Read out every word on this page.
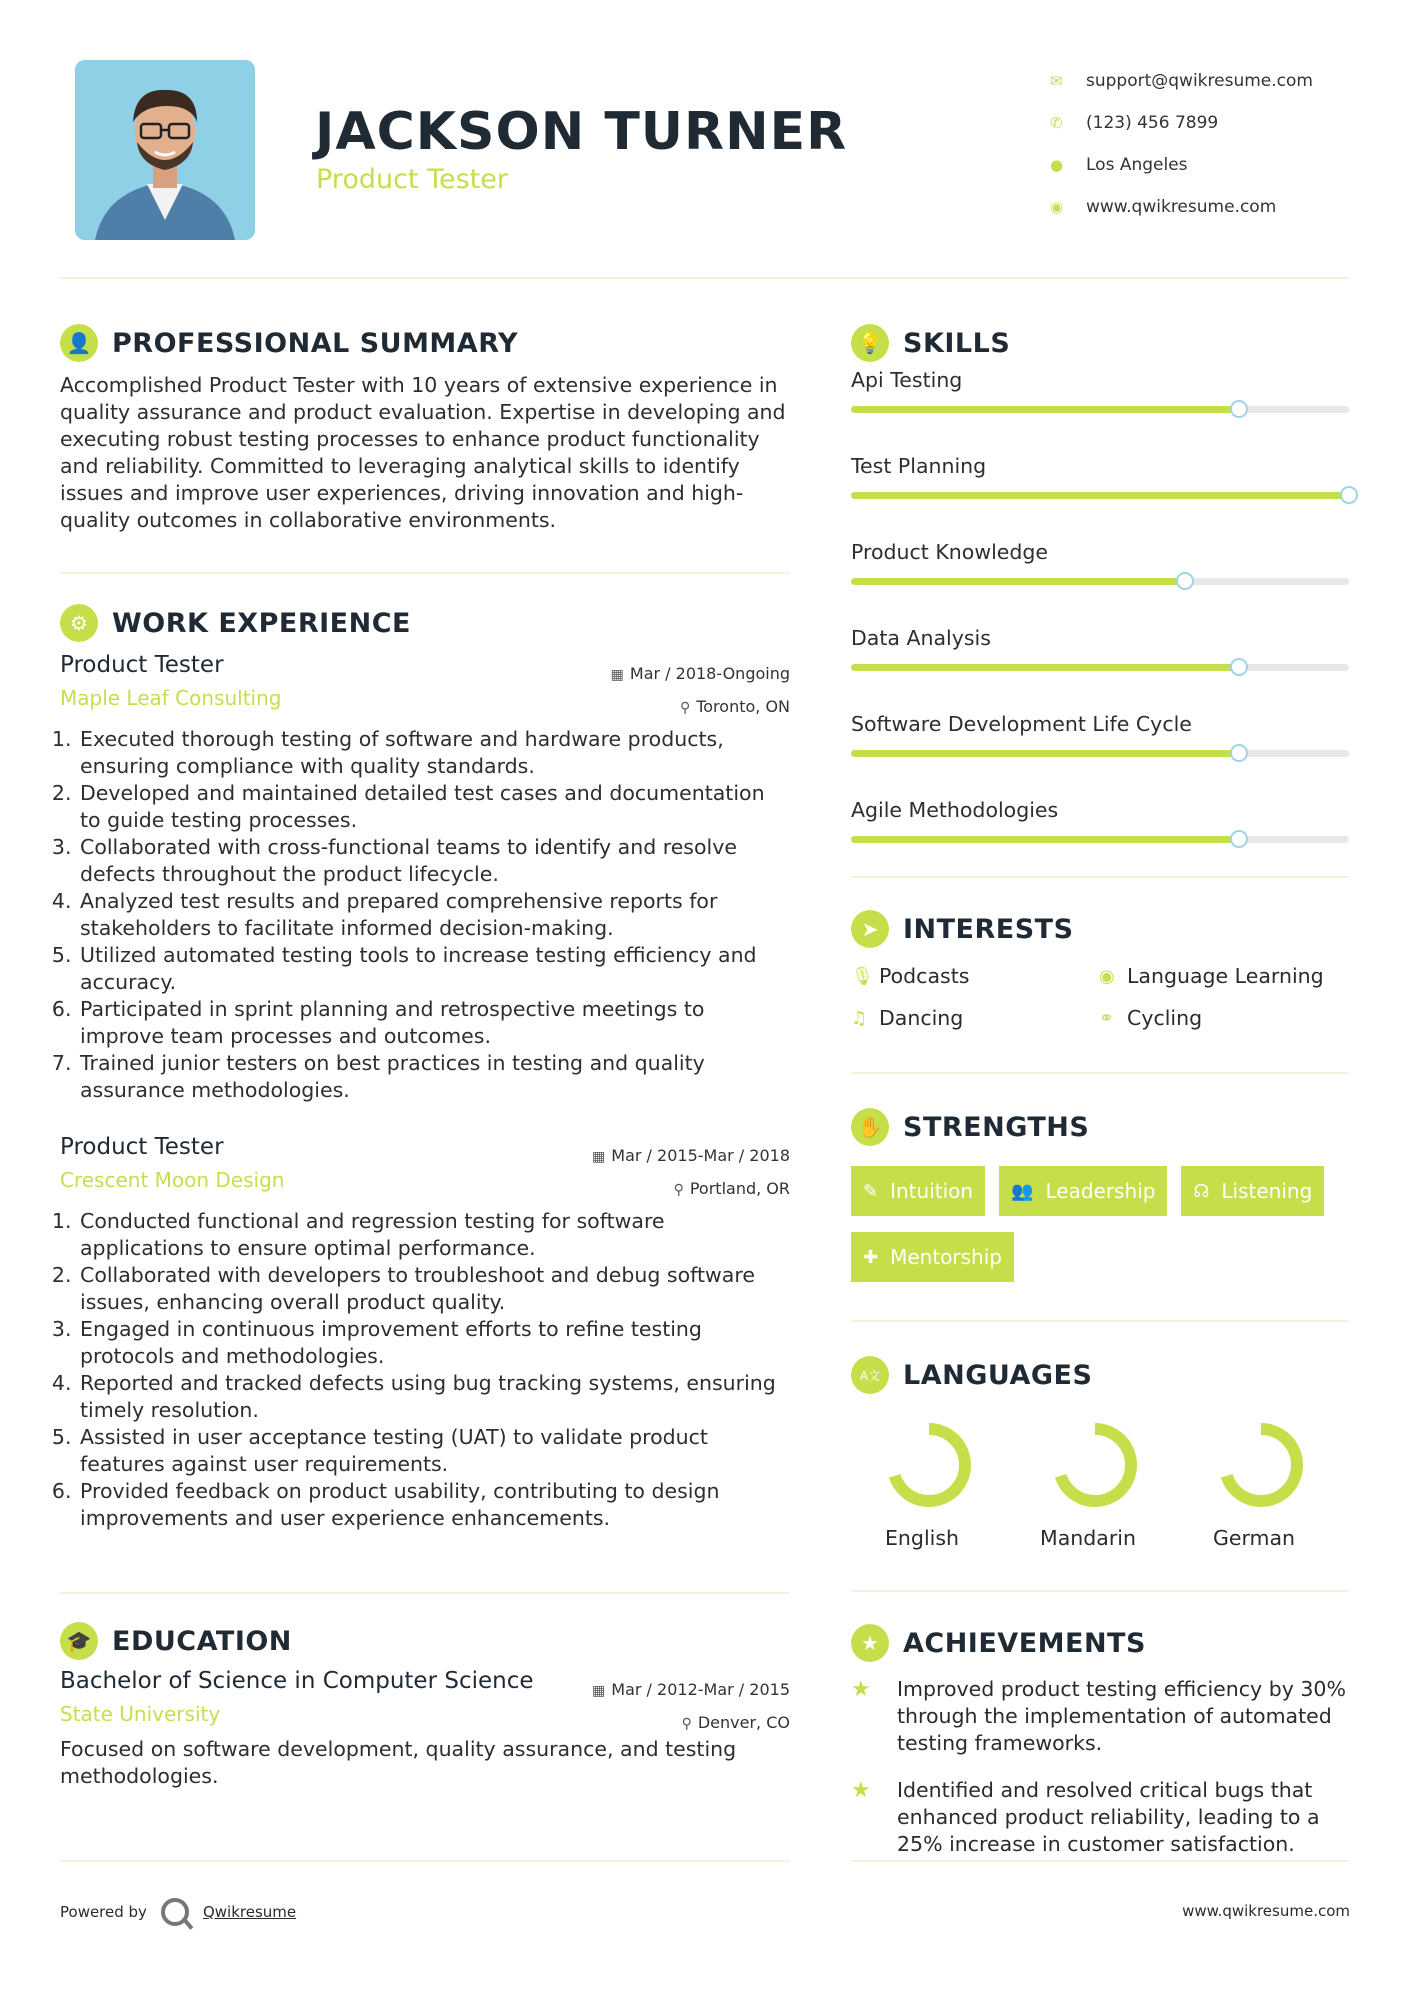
JACKSON TURNER
Product Tester
✉	support@qwikresume.com
✆	(123) 456 7899
●	Los Angeles
◉	www.qwikresume.com
👤 PROFESSIONAL SUMMARY
Accomplished Product Tester with 10 years of extensive experience in quality assurance and product evaluation. Expertise in developing and executing robust testing processes to enhance product functionality and reliability. Committed to leveraging analytical skills to identify issues and improve user experiences, driving innovation and high-quality outcomes in collaborative environments.
⚙ WORK EXPERIENCE
Product Tester
Maple Leaf Consulting
▦ Mar / 2018-Ongoing
⚲ Toronto, ON
1. Executed thorough testing of software and hardware products, ensuring compliance with quality standards.
2. Developed and maintained detailed test cases and documentation to guide testing processes.
3. Collaborated with cross-functional teams to identify and resolve defects throughout the product lifecycle.
4. Analyzed test results and prepared comprehensive reports for stakeholders to facilitate informed decision-making.
5. Utilized automated testing tools to increase testing efficiency and accuracy.
6. Participated in sprint planning and retrospective meetings to improve team processes and outcomes.
7. Trained junior testers on best practices in testing and quality assurance methodologies.
Product Tester
Crescent Moon Design
▦ Mar / 2015-Mar / 2018
⚲ Portland, OR
1. Conducted functional and regression testing for software applications to ensure optimal performance.
2. Collaborated with developers to troubleshoot and debug software issues, enhancing overall product quality.
3. Engaged in continuous improvement efforts to refine testing protocols and methodologies.
4. Reported and tracked defects using bug tracking systems, ensuring timely resolution.
5. Assisted in user acceptance testing (UAT) to validate product features against user requirements.
6. Provided feedback on product usability, contributing to design improvements and user experience enhancements.
🎓 EDUCATION
Bachelor of Science in Computer Science
State University
▦ Mar / 2012-Mar / 2015
⚲ Denver, CO
Focused on software development, quality assurance, and testing methodologies.
💡 SKILLS
Api Testing
Test Planning
Product Knowledge
Data Analysis
Software Development Life Cycle
Agile Methodologies
➤ INTERESTS
🎙 Podcasts	◉ Language Learning
♫ Dancing	⚭ Cycling
✋ STRENGTHS
✎ Intuition 👥 Leadership ☊ Listening
✚ Mentorship
A文 LANGUAGES
English	Mandarin	German
★ ACHIEVEMENTS
★	Improved product testing efficiency by 30% through the implementation of automated testing frameworks.
★	Identified and resolved critical bugs that enhanced product reliability, leading to a 25% increase in customer satisfaction.
Powered by	Qwikresume	www.qwikresume.com
